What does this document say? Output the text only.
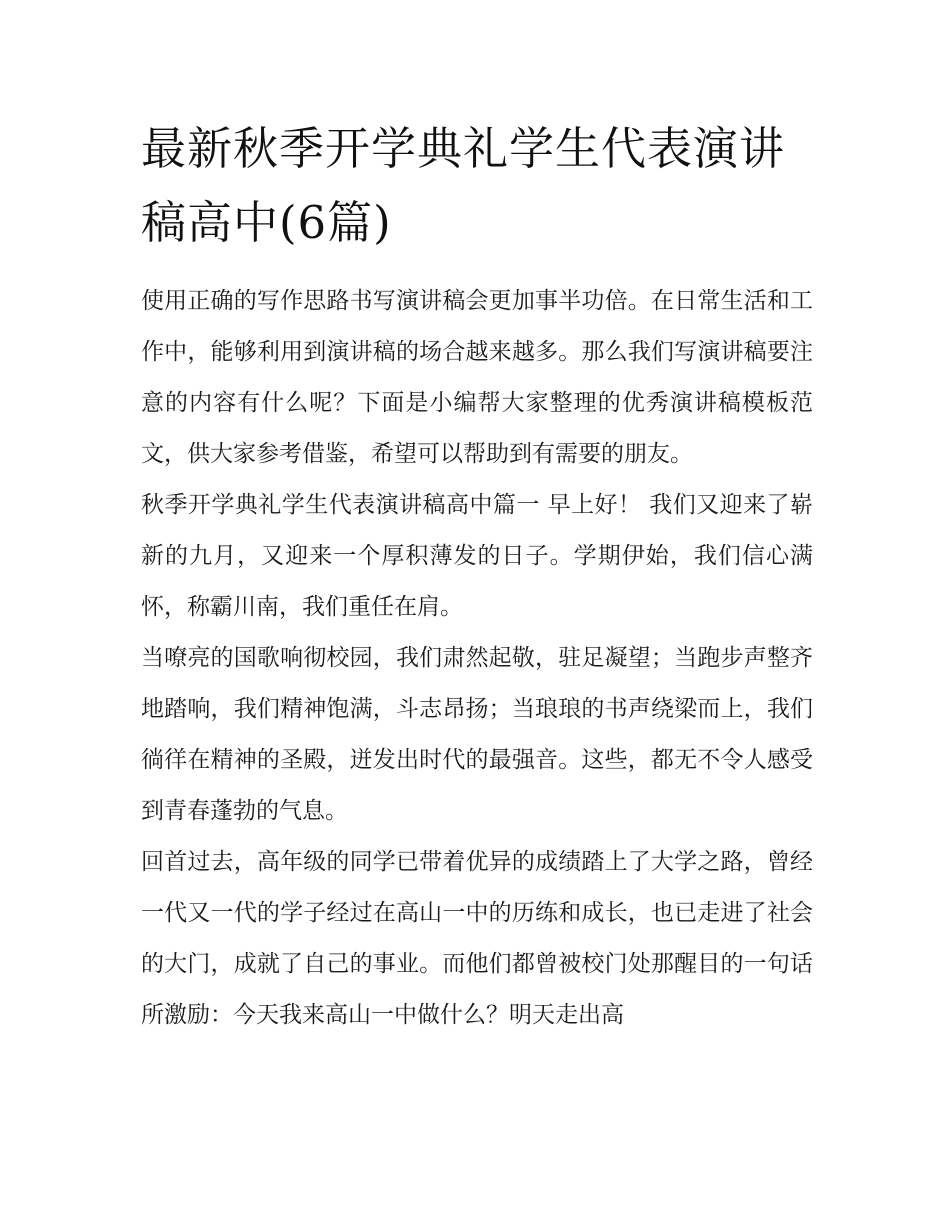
最新秋季开学典礼学生代表演讲稿高中(6篇)

使用正确的写作思路书写演讲稿会更加事半功倍。在日常生活和工作中，能够利用到演讲稿的场合越来越多。那么我们写演讲稿要注意的内容有什么呢？下面是小编帮大家整理的优秀演讲稿模板范文，供大家参考借鉴，希望可以帮助到有需要的朋友。

秋季开学典礼学生代表演讲稿高中篇一 早上好！ 我们又迎来了崭新的九月，又迎来一个厚积薄发的日子。学期伊始，我们信心满怀，称霸川南，我们重任在肩。

当嘹亮的国歌响彻校园，我们肃然起敬，驻足凝望；当跑步声整齐地踏响，我们精神饱满，斗志昂扬；当琅琅的书声绕梁而上，我们徜徉在精神的圣殿，迸发出时代的最强音。这些，都无不令人感受到青春蓬勃的气息。

回首过去，高年级的同学已带着优异的成绩踏上了大学之路，曾经一代又一代的学子经过在高山一中的历练和成长，也已走进了社会的大门，成就了自己的事业。而他们都曾被校门处那醒目的一句话所激励：今天我来高山一中做什么？明天走出高
